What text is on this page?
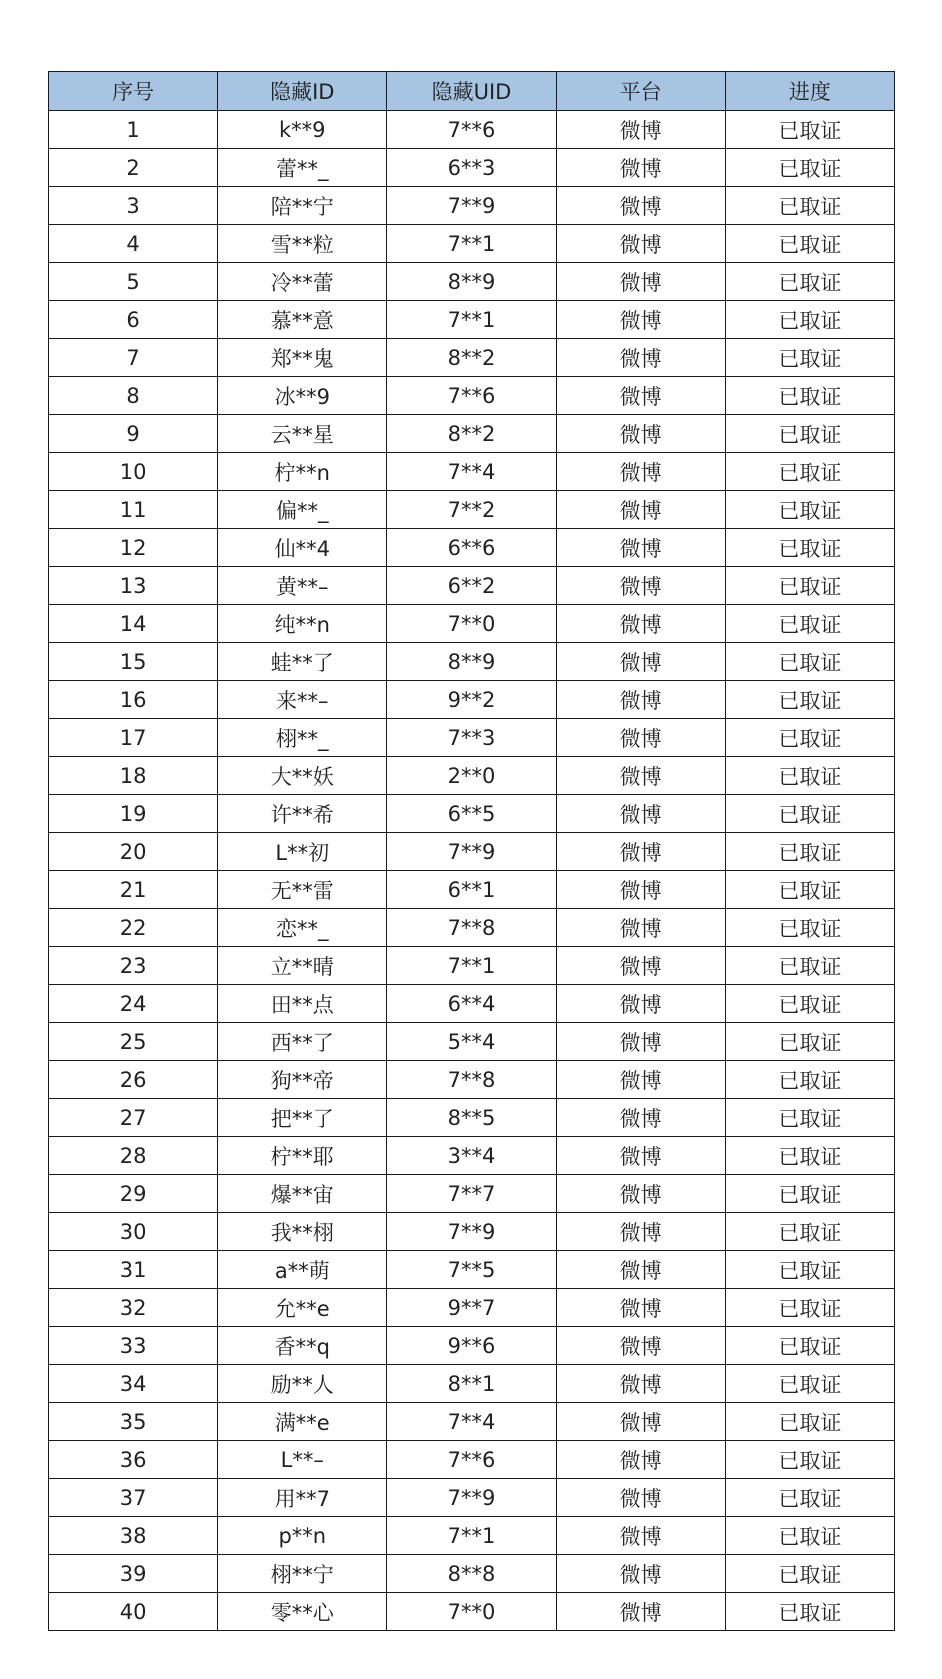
序号	隐藏ID	隐藏UID	平台	进度
1	k**9	7**6	微博	已取证
2	蕾**_	6**3	微博	已取证
3	陪**宁	7**9	微博	已取证
4	雪**粒	7**1	微博	已取证
5	冷**蕾	8**9	微博	已取证
6	慕**意	7**1	微博	已取证
7	郑**鬼	8**2	微博	已取证
8	冰**9	7**6	微博	已取证
9	云**星	8**2	微博	已取证
10	柠**n	7**4	微博	已取证
11	偏**_	7**2	微博	已取证
12	仙**4	6**6	微博	已取证
13	黄**–	6**2	微博	已取证
14	纯**n	7**0	微博	已取证
15	蛙**了	8**9	微博	已取证
16	来**–	9**2	微博	已取证
17	栩**_	7**3	微博	已取证
18	大**妖	2**0	微博	已取证
19	许**希	6**5	微博	已取证
20	L**初	7**9	微博	已取证
21	无**雷	6**1	微博	已取证
22	恋**_	7**8	微博	已取证
23	立**晴	7**1	微博	已取证
24	田**点	6**4	微博	已取证
25	西**了	5**4	微博	已取证
26	狗**帝	7**8	微博	已取证
27	把**了	8**5	微博	已取证
28	柠**耶	3**4	微博	已取证
29	爆**宙	7**7	微博	已取证
30	我**栩	7**9	微博	已取证
31	a**萌	7**5	微博	已取证
32	允**e	9**7	微博	已取证
33	香**q	9**6	微博	已取证
34	励**人	8**1	微博	已取证
35	满**e	7**4	微博	已取证
36	L**–	7**6	微博	已取证
37	用**7	7**9	微博	已取证
38	p**n	7**1	微博	已取证
39	栩**宁	8**8	微博	已取证
40	零**心	7**0	微博	已取证
